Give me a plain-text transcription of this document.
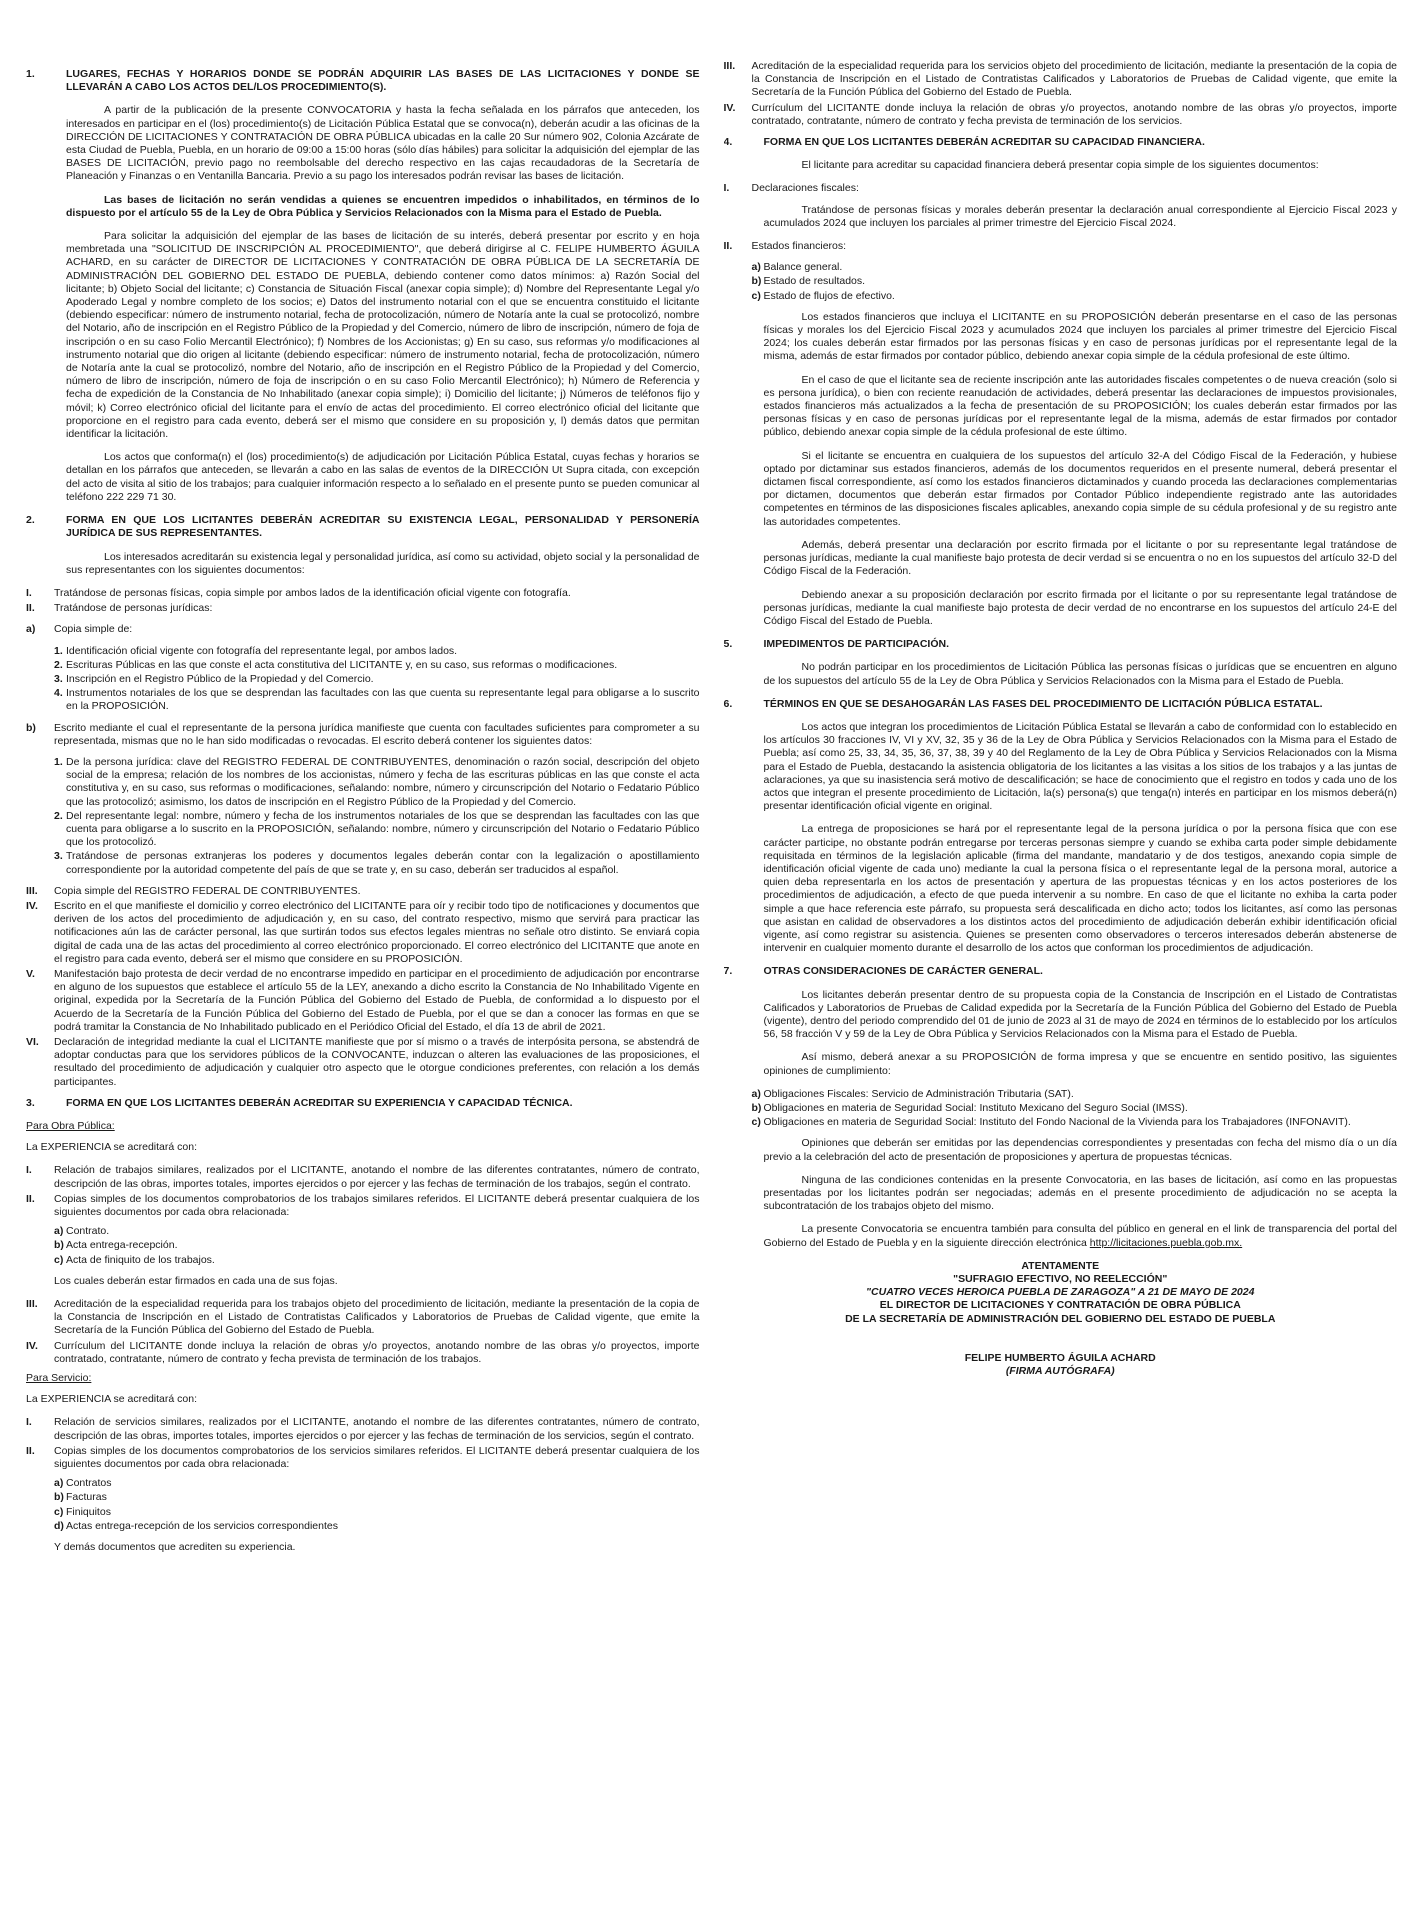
1.	LUGARES, FECHAS Y HORARIOS DONDE SE PODRÁN ADQUIRIR LAS BASES DE LAS LICITACIONES Y DONDE SE LLEVARÁN A CABO LOS ACTOS DEL/LOS PROCEDIMIENTO(S).

A partir de la publicación de la presente CONVOCATORIA y hasta la fecha señalada en los párrafos que anteceden, los interesados en participar en el (los) procedimiento(s) de Licitación Pública Estatal que se convoca(n), deberán acudir a las oficinas de la DIRECCIÓN DE LICITACIONES Y CONTRATACIÓN DE OBRA PÚBLICA ubicadas en la calle 20 Sur número 902, Colonia Azcárate de esta Ciudad de Puebla, Puebla, en un horario de 09:00 a 15:00 horas (sólo días hábiles) para solicitar la adquisición del ejemplar de las BASES DE LICITACIÓN, previo pago no reembolsable del derecho respectivo en las cajas recaudadoras de la Secretaría de Planeación y Finanzas o en Ventanilla Bancaria. Previo a su pago los interesados podrán revisar las bases de licitación.

Las bases de licitación no serán vendidas a quienes se encuentren impedidos o inhabilitados, en términos de lo dispuesto por el artículo 55 de la Ley de Obra Pública y Servicios Relacionados con la Misma para el Estado de Puebla.

Para solicitar la adquisición del ejemplar de las bases de licitación de su interés, deberá presentar por escrito y en hoja membretada una "SOLICITUD DE INSCRIPCIÓN AL PROCEDIMIENTO", que deberá dirigirse al C. FELIPE HUMBERTO ÁGUILA ACHARD, en su carácter de DIRECTOR DE LICITACIONES Y CONTRATACIÓN DE OBRA PÚBLICA DE LA SECRETARÍA DE ADMINISTRACIÓN DEL GOBIERNO DEL ESTADO DE PUEBLA, debiendo contener como datos mínimos: a) Razón Social del licitante; b) Objeto Social del licitante; c) Constancia de Situación Fiscal (anexar copia simple); d) Nombre del Representante Legal y/o Apoderado Legal y nombre completo de los socios; e) Datos del instrumento notarial con el que se encuentra constituido el licitante (debiendo especificar: número de instrumento notarial, fecha de protocolización, número de Notaría ante la cual se protocolizó, nombre del Notario, año de inscripción en el Registro Público de la Propiedad y del Comercio, número de libro de inscripción, número de foja de inscripción o en su caso Folio Mercantil Electrónico); f) Nombres de los Accionistas; g) En su caso, sus reformas y/o modificaciones al instrumento notarial que dio origen al licitante (debiendo especificar: número de instrumento notarial, fecha de protocolización, número de Notaría ante la cual se protocolizó, nombre del Notario, año de inscripción en el Registro Público de la Propiedad y del Comercio, número de libro de inscripción, número de foja de inscripción o en su caso Folio Mercantil Electrónico); h) Número de Referencia y fecha de expedición de la Constancia de No Inhabilitado (anexar copia simple); i) Domicilio del licitante; j) Números de teléfonos fijo y móvil; k) Correo electrónico oficial del licitante para el envío de actas del procedimiento. El correo electrónico oficial del licitante que proporcione en el registro para cada evento, deberá ser el mismo que considere en su proposición y, l) demás datos que permitan identificar la licitación.

Los actos que conforma(n) el (los) procedimiento(s) de adjudicación por Licitación Pública Estatal, cuyas fechas y horarios se detallan en los párrafos que anteceden, se llevarán a cabo en las salas de eventos de la DIRECCIÓN Ut Supra citada, con excepción del acto de visita al sitio de los trabajos; para cualquier información respecto a lo señalado en el presente punto se pueden comunicar al teléfono 222 229 71 30.

2.	FORMA EN QUE LOS LICITANTES DEBERÁN ACREDITAR SU EXISTENCIA LEGAL, PERSONALIDAD Y PERSONERÍA JURÍDICA DE SUS REPRESENTANTES.

Los interesados acreditarán su existencia legal y personalidad jurídica, así como su actividad, objeto social y la personalidad de sus representantes con los siguientes documentos:

I.	Tratándose de personas físicas, copia simple por ambos lados de la identificación oficial vigente con fotografía.
II.	Tratándose de personas jurídicas:
a)	Copia simple de:
1. Identificación oficial vigente con fotografía del representante legal, por ambos lados.
2. Escrituras Públicas en las que conste el acta constitutiva del LICITANTE y, en su caso, sus reformas o modificaciones.
3. Inscripción en el Registro Público de la Propiedad y del Comercio.
4. Instrumentos notariales de los que se desprendan las facultades con las que cuenta su representante legal para obligarse a lo suscrito en la PROPOSICIÓN.
b)	Escrito mediante el cual el representante de la persona jurídica manifieste que cuenta con facultades suficientes para comprometer a su representada, mismas que no le han sido modificadas o revocadas. El escrito deberá contener los siguientes datos:
1. De la persona jurídica: clave del REGISTRO FEDERAL DE CONTRIBUYENTES, denominación o razón social, descripción del objeto social de la empresa; relación de los nombres de los accionistas, número y fecha de las escrituras públicas en las que conste el acta constitutiva y, en su caso, sus reformas o modificaciones, señalando: nombre, número y circunscripción del Notario o Fedatario Público que las protocolizó; asimismo, los datos de inscripción en el Registro Público de la Propiedad y del Comercio.
2. Del representante legal: nombre, número y fecha de los instrumentos notariales de los que se desprendan las facultades con las que cuenta para obligarse a lo suscrito en la PROPOSICIÓN, señalando: nombre, número y circunscripción del Notario o Fedatario Público que los protocolizó.
3. Tratándose de personas extranjeras los poderes y documentos legales deberán contar con la legalización o apostillamiento correspondiente por la autoridad competente del país de que se trate y, en su caso, deberán ser traducidos al español.
III.	Copia simple del REGISTRO FEDERAL DE CONTRIBUYENTES.
IV.	Escrito en el que manifieste el domicilio y correo electrónico del LICITANTE para oír y recibir todo tipo de notificaciones y documentos que deriven de los actos del procedimiento de adjudicación y, en su caso, del contrato respectivo, mismo que servirá para practicar las notificaciones aún las de carácter personal, las que surtirán todos sus efectos legales mientras no señale otro distinto. Se enviará copia digital de cada una de las actas del procedimiento al correo electrónico proporcionado. El correo electrónico del LICITANTE que anote en el registro para cada evento, deberá ser el mismo que considere en su PROPOSICIÓN.
V.	Manifestación bajo protesta de decir verdad de no encontrarse impedido en participar en el procedimiento de adjudicación por encontrarse en alguno de los supuestos que establece el artículo 55 de la LEY, anexando a dicho escrito la Constancia de No Inhabilitado Vigente en original, expedida por la Secretaría de la Función Pública del Gobierno del Estado de Puebla, de conformidad a lo dispuesto por el Acuerdo de la Secretaría de la Función Pública del Gobierno del Estado de Puebla, por el que se dan a conocer las formas en que se podrá tramitar la Constancia de No Inhabilitado publicado en el Periódico Oficial del Estado, el día 13 de abril de 2021.
VI.	Declaración de integridad mediante la cual el LICITANTE manifieste que por sí mismo o a través de interpósita persona, se abstendrá de adoptar conductas para que los servidores públicos de la CONVOCANTE, induzcan o alteren las evaluaciones de las proposiciones, el resultado del procedimiento de adjudicación y cualquier otro aspecto que le otorgue condiciones preferentes, con relación a los demás participantes.
3.	FORMA EN QUE LOS LICITANTES DEBERÁN ACREDITAR SU EXPERIENCIA Y CAPACIDAD TÉCNICA.
Para Obra Pública:

La EXPERIENCIA se acreditará con:

I.	Relación de trabajos similares, realizados por el LICITANTE, anotando el nombre de las diferentes contratantes, número de contrato, descripción de las obras, importes totales, importes ejercidos o por ejercer y las fechas de terminación de los trabajos, según el contrato.
II.	Copias simples de los documentos comprobatorios de los trabajos similares referidos. El LICITANTE deberá presentar cualquiera de los siguientes documentos por cada obra relacionada:
a) Contrato.
b) Acta entrega-recepción.
c) Acta de finiquito de los trabajos.

Los cuales deberán estar firmados en cada una de sus fojas.

III.	Acreditación de la especialidad requerida para los trabajos objeto del procedimiento de licitación, mediante la presentación de la copia de la Constancia de Inscripción en el Listado de Contratistas Calificados y Laboratorios de Pruebas de Calidad vigente, que emite la Secretaría de la Función Pública del Gobierno del Estado de Puebla.
IV.	Currículum del LICITANTE donde incluya la relación de obras y/o proyectos, anotando nombre de las obras y/o proyectos, importe contratado, contratante, número de contrato y fecha prevista de terminación de los trabajos.
Para Servicio:

La EXPERIENCIA se acreditará con:

I.	Relación de servicios similares, realizados por el LICITANTE, anotando el nombre de las diferentes contratantes, número de contrato, descripción de las obras, importes totales, importes ejercidos o por ejercer y las fechas de terminación de los servicios, según el contrato.
II.	Copias simples de los documentos comprobatorios de los servicios similares referidos. El LICITANTE deberá presentar cualquiera de los siguientes documentos por cada obra relacionada:
a) Contratos
b) Facturas
c) Finiquitos
d) Actas entrega-recepción de los servicios correspondientes

Y demás documentos que acrediten su experiencia.

III.	Acreditación de la especialidad requerida para los servicios objeto del procedimiento de licitación, mediante la presentación de la copia de la Constancia de Inscripción en el Listado de Contratistas Calificados y Laboratorios de Pruebas de Calidad vigente, que emite la Secretaría de la Función Pública del Gobierno del Estado de Puebla.
IV.	Currículum del LICITANTE donde incluya la relación de obras y/o proyectos, anotando nombre de las obras y/o proyectos, importe contratado, contratante, número de contrato y fecha prevista de terminación de los servicios.
4.	FORMA EN QUE LOS LICITANTES DEBERÁN ACREDITAR SU CAPACIDAD FINANCIERA.

El licitante para acreditar su capacidad financiera deberá presentar copia simple de los siguientes documentos:

I.	Declaraciones fiscales:

Tratándose de personas físicas y morales deberán presentar la declaración anual correspondiente al Ejercicio Fiscal 2023 y acumulados 2024 que incluyen los parciales al primer trimestre del Ejercicio Fiscal 2024.

II.	Estados financieros:
a) Balance general.
b) Estado de resultados.
c) Estado de flujos de efectivo.

Los estados financieros que incluya el LICITANTE en su PROPOSICIÓN deberán presentarse en el caso de las personas físicas y morales los del Ejercicio Fiscal 2023 y acumulados 2024 que incluyen los parciales al primer trimestre del Ejercicio Fiscal 2024; los cuales deberán estar firmados por las personas físicas y en caso de personas jurídicas por el representante legal de la misma, además de estar firmados por contador público, debiendo anexar copia simple de la cédula profesional de este último.

En el caso de que el licitante sea de reciente inscripción ante las autoridades fiscales competentes o de nueva creación (solo si es persona jurídica), o bien con reciente reanudación de actividades, deberá presentar las declaraciones de impuestos provisionales, estados financieros más actualizados a la fecha de presentación de su PROPOSICIÓN; los cuales deberán estar firmados por las personas físicas y en caso de personas jurídicas por el representante legal de la misma, además de estar firmados por contador público, debiendo anexar copia simple de la cédula profesional de este último.

Si el licitante se encuentra en cualquiera de los supuestos del artículo 32-A del Código Fiscal de la Federación, y hubiese optado por dictaminar sus estados financieros, además de los documentos requeridos en el presente numeral, deberá presentar el dictamen fiscal correspondiente, así como los estados financieros dictaminados y cuando proceda las declaraciones complementarias por dictamen, documentos que deberán estar firmados por Contador Público independiente registrado ante las autoridades competentes en términos de las disposiciones fiscales aplicables, anexando copia simple de su cédula profesional y de su registro ante las autoridades competentes.

Además, deberá presentar una declaración por escrito firmada por el licitante o por su representante legal tratándose de personas jurídicas, mediante la cual manifieste bajo protesta de decir verdad si se encuentra o no en los supuestos del artículo 32-D del Código Fiscal de la Federación.

Debiendo anexar a su proposición declaración por escrito firmada por el licitante o por su representante legal tratándose de personas jurídicas, mediante la cual manifieste bajo protesta de decir verdad de no encontrarse en los supuestos del artículo 24-E del Código Fiscal del Estado de Puebla.

5.	IMPEDIMENTOS DE PARTICIPACIÓN.

No podrán participar en los procedimientos de Licitación Pública las personas físicas o jurídicas que se encuentren en alguno de los supuestos del artículo 55 de la Ley de Obra Pública y Servicios Relacionados con la Misma para el Estado de Puebla.

6.	TÉRMINOS EN QUE SE DESAHOGARÁN LAS FASES DEL PROCEDIMIENTO DE LICITACIÓN PÚBLICA ESTATAL.

Los actos que integran los procedimientos de Licitación Pública Estatal se llevarán a cabo de conformidad con lo establecido en los artículos 30 fracciones IV, VI y XV, 32, 35 y 36 de la Ley de Obra Pública y Servicios Relacionados con la Misma para el Estado de Puebla; así como 25, 33, 34, 35, 36, 37, 38, 39 y 40 del Reglamento de la Ley de Obra Pública y Servicios Relacionados con la Misma para el Estado de Puebla, destacando la asistencia obligatoria de los licitantes a las visitas a los sitios de los trabajos y a las juntas de aclaraciones, ya que su inasistencia será motivo de descalificación; se hace de conocimiento que el registro en todos y cada uno de los actos que integran el presente procedimiento de Licitación, la(s) persona(s) que tenga(n) interés en participar en los mismos deberá(n) presentar identificación oficial vigente en original.

La entrega de proposiciones se hará por el representante legal de la persona jurídica o por la persona física que con ese carácter participe, no obstante podrán entregarse por terceras personas siempre y cuando se exhiba carta poder simple debidamente requisitada en términos de la legislación aplicable (firma del mandante, mandatario y de dos testigos, anexando copia simple de identificación oficial vigente de cada uno) mediante la cual la persona física o el representante legal de la persona moral, autorice a quien deba representarla en los actos de presentación y apertura de las propuestas técnicas y en los actos posteriores de los procedimientos de adjudicación, a efecto de que pueda intervenir a su nombre. En caso de que el licitante no exhiba la carta poder simple a que hace referencia este párrafo, su propuesta será descalificada en dicho acto; todos los licitantes, así como las personas que asistan en calidad de observadores a los distintos actos del procedimiento de adjudicación deberán exhibir identificación oficial vigente, así como registrar su asistencia. Quienes se presenten como observadores o terceros interesados deberán abstenerse de intervenir en cualquier momento durante el desarrollo de los actos que conforman los procedimientos de adjudicación.

7.	OTRAS CONSIDERACIONES DE CARÁCTER GENERAL.

Los licitantes deberán presentar dentro de su propuesta copia de la Constancia de Inscripción en el Listado de Contratistas Calificados y Laboratorios de Pruebas de Calidad expedida por la Secretaría de la Función Pública del Gobierno del Estado de Puebla (vigente), dentro del periodo comprendido del 01 de junio de 2023 al 31 de mayo de 2024 en términos de lo establecido por los artículos 56, 58 fracción V y 59 de la Ley de Obra Pública y Servicios Relacionados con la Misma para el Estado de Puebla.

Así mismo, deberá anexar a su PROPOSICIÓN de forma impresa y que se encuentre en sentido positivo, las siguientes opiniones de cumplimiento:

a) Obligaciones Fiscales: Servicio de Administración Tributaria (SAT).
b) Obligaciones en materia de Seguridad Social: Instituto Mexicano del Seguro Social (IMSS).
c) Obligaciones en materia de Seguridad Social: Instituto del Fondo Nacional de la Vivienda para los Trabajadores (INFONAVIT).

Opiniones que deberán ser emitidas por las dependencias correspondientes y presentadas con fecha del mismo día o un día previo a la celebración del acto de presentación de proposiciones y apertura de propuestas técnicas.

Ninguna de las condiciones contenidas en la presente Convocatoria, en las bases de licitación, así como en las propuestas presentadas por los licitantes podrán ser negociadas; además en el presente procedimiento de adjudicación no se acepta la subcontratación de los trabajos objeto del mismo.

La presente Convocatoria se encuentra también para consulta del público en general en el link de transparencia del portal del Gobierno del Estado de Puebla y en la siguiente dirección electrónica http://licitaciones.puebla.gob.mx.

ATENTAMENTE
"SUFRAGIO EFECTIVO, NO REELECCIÓN"
"CUATRO VECES HEROICA PUEBLA DE ZARAGOZA" A 21 DE MAYO DE 2024
EL DIRECTOR DE LICITACIONES Y CONTRATACIÓN DE OBRA PÚBLICA
DE LA SECRETARÍA DE ADMINISTRACIÓN DEL GOBIERNO DEL ESTADO DE PUEBLA
FELIPE HUMBERTO ÁGUILA ACHARD
(FIRMA AUTÓGRAFA)
